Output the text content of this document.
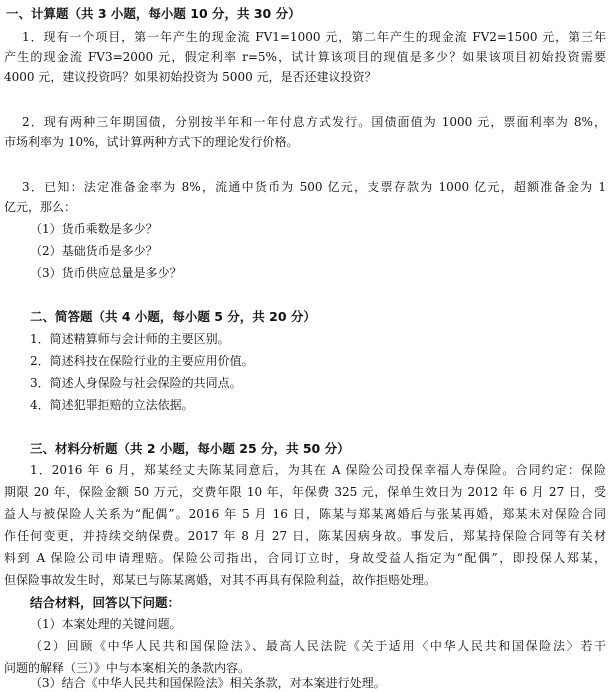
一、计算题（共 3 小题，每小题 10 分，共 30 分）
1．现有一个项目，第一年产生的现金流 FV1=1000 元，第二年产生的现金流 FV2=1500 元，第三年
产生的现金流 FV3=2000 元，假定利率 r=5%，试计算该项目的现值是多少？如果该项目初始投资需要
4000 元，建议投资吗？如果初始投资为 5000 元，是否还建议投资？
2．现有两种三年期国债，分别按半年和一年付息方式发行。国债面值为 1000 元，票面利率为 8%，
市场利率为 10%，试计算两种方式下的理论发行价格。
3．已知：法定准备金率为 8%，流通中货币为 500 亿元，支票存款为 1000 亿元，超额准备金为 1
亿元，那么：
（1）货币乘数是多少？
（2）基础货币是多少？
（3）货币供应总量是多少？
二、简答题（共 4 小题，每小题 5 分，共 20 分）
1．简述精算师与会计师的主要区别。
2．简述科技在保险行业的主要应用价值。
3．简述人身保险与社会保险的共同点。
4．简述犯罪拒赔的立法依据。
三、材料分析题（共 2 小题，每小题 25 分，共 50 分）
1．2016 年 6 月，郑某经丈夫陈某同意后，为其在 A 保险公司投保幸福人寿保险。合同约定：保险
期限 20 年，保险金额 50 万元，交费年限 10 年，年保费 325 元，保单生效日为 2012 年 6 月 27 日，受
益人与被保险人关系为“配偶”。2016 年 5 月 16 日，陈某与郑某离婚后与张某再婚，郑某未对保险合同
作任何变更，并持续交纳保费。2017 年 8 月 27 日，陈某因病身故。事发后，郑某持保险合同等有关材
料到 A 保险公司申请理赔。保险公司指出，合同订立时，身故受益人指定为“配偶”，即投保人郑某，
但保险事故发生时，郑某已与陈某离婚，对其不再具有保险利益，故作拒赔处理。
结合材料，回答以下问题：
（1）本案处理的关键问题。
（2）回顾《中华人民共和国保险法》、最高人民法院《关于适用〈中华人民共和国保险法〉若干
问题的解释（三）》中与本案相关的条款内容。
（3）结合《中华人民共和国保险法》相关条款，对本案进行处理。
